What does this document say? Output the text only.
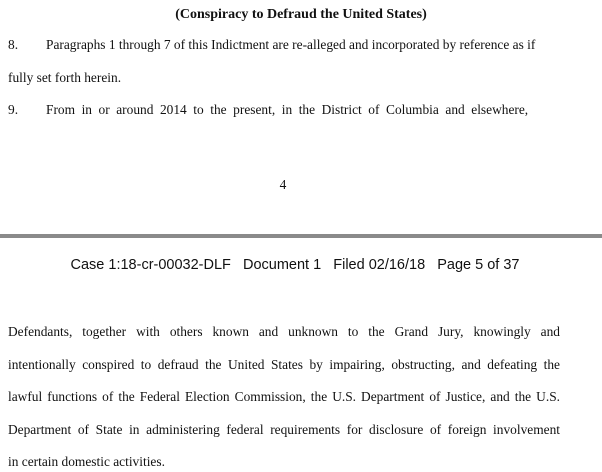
(Conspiracy to Defraud the United States)
8. Paragraphs 1 through 7 of this Indictment are re-alleged and incorporated by reference as if
fully set forth herein.
9. From in or around 2014 to the present, in the District of Columbia and elsewhere,
4
Case 1:18-cr-00032-DLF   Document 1   Filed 02/16/18   Page 5 of 37
Defendants, together with others known and unknown to the Grand Jury, knowingly and
intentionally conspired to defraud the United States by impairing, obstructing, and defeating the
lawful functions of the Federal Election Commission, the U.S. Department of Justice, and the U.S.
Department of State in administering federal requirements for disclosure of foreign involvement
in certain domestic activities.
